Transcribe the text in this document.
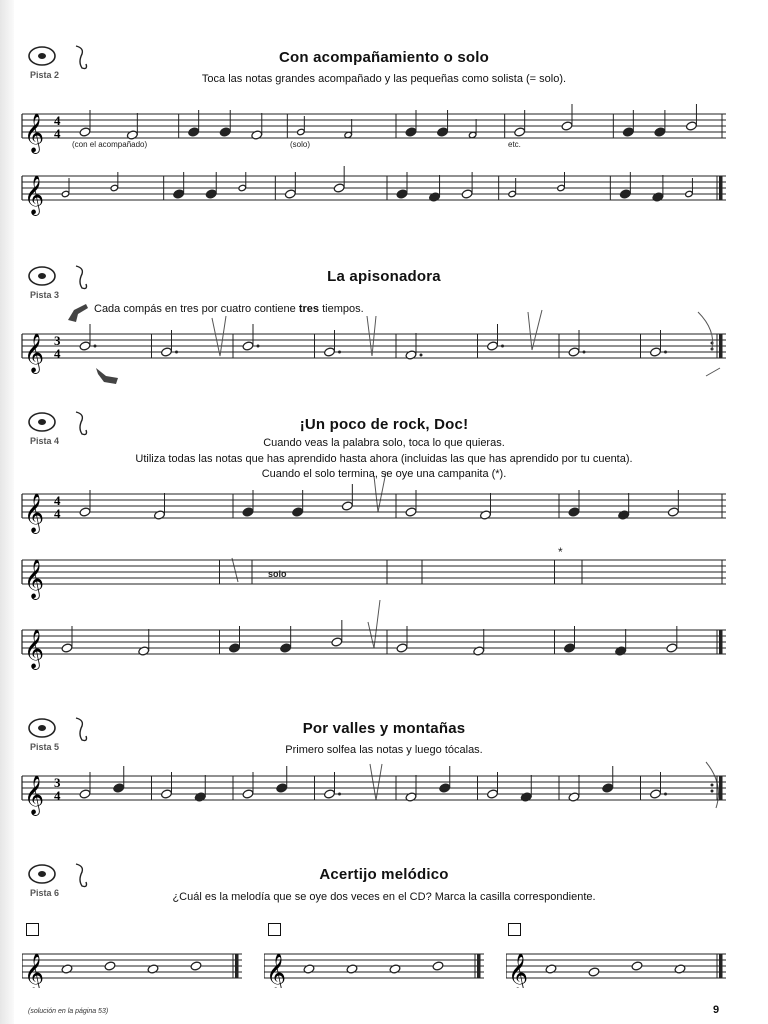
Con acompañamiento o solo
Toca las notas grandes acompañado y las pequeñas como solista (= solo).
Pista 2
𝄞 4
4
(con el acompañado)	(solo)	etc.
𝄞
La apisonadora
Pista 3
Cada compás en tres por cuatro contiene tres tiempos.
𝄞 3
4
¡Un poco de rock, Doc!
Cuando veas la palabra solo, toca lo que quieras.
Utiliza todas las notas que has aprendido hasta ahora (incluidas las que has aprendido por tu cuenta).
Cuando el solo termina, se oye una campanita (*).
Pista 4
𝄞 4
4
𝄞	solo
*
𝄞
Por valles y montañas
Primero solfea las notas y luego tócalas.
Pista 5
𝄞 3
4
Acertijo melódico
¿Cuál es la melodía que se oye dos veces en el CD? Marca la casilla correspondiente.
Pista 6
𝄞	𝄞	𝄞
(solución en la página 53)	9
